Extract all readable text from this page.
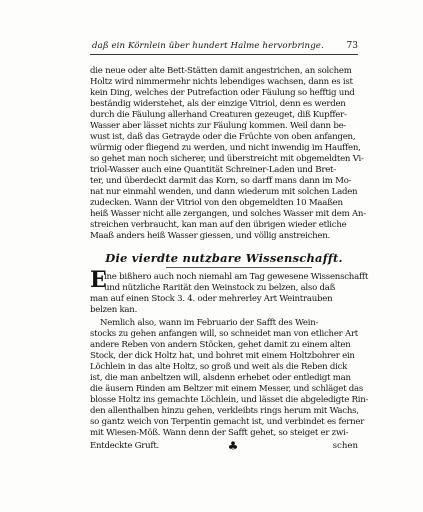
daß ein Körnlein über hundert Halme hervorbringe.	73
die neue oder alte Bett-Stätten damit angestrichen, an solchem
Holtz wird nimmermehr nichts lebendiges wachsen, dann es ist
kein Ding, welches der Putrefaction oder Fäulung so hefftig und
beständig widerstehet, als der einzige Vitriol, denn es werden
durch die Fäulung allerhand Creaturen gezeuget, diß Kupffer-
Wasser aber lässet nichts zur Fäulung kommen. Weil dann be-
wust ist, daß das Getrayde oder die Früchte von oben anfangen,
würmig oder fliegend zu werden, und nicht inwendig im Hauffen,
so gehet man noch sicherer, und überstreicht mit obgemeldten Vi-
triol-Wasser auch eine Quantität Schreiner-Laden und Bret-
ter, und überdeckt darmit das Korn, so darff mans dann im Mo-
nat nur einmahl wenden, und dann wiederum mit solchen Laden
zudecken. Wann der Vitriol von den obgemeldten 10 Maaßen
heiß Wasser nicht alle zergangen, und solches Wasser mit dem An-
streichen verbraucht, kan man auf den übrigen wieder etliche
Maaß anders heiß Wasser giessen, und völlig anstreichen.
Die vierdte nutzbare Wissenschafft.
E
ine bißhero auch noch niemahl am Tag gewesene Wissenschafft
und nützliche Rarität den Weinstock zu belzen, also daß
man auf einen Stock 3. 4. oder mehrerley Art Weintrauben
belzen kan.
Nemlich also, wann im Februario der Safft des Wein-
stocks zu gehen anfangen will, so schneidet man von etlicher Art
andere Reben von andern Stöcken, gehet damit zu einem alten
Stock, der dick Holtz hat, und bohret mit einem Holtzbohrer ein
Löchlein in das alte Holtz, so groß und weit als die Reben dick
ist, die man anbeltzen will, alsdenn erhebet oder entledigt man
die äusern Rinden am Beltzer mit einem Messer, und schläget das
blosse Holtz ins gemachte Löchlein, und lässet die abgeledigte Rin-
den allenthalben hinzu gehen, verkleibts rings herum mit Wachs,
so gantz weich von Terpentin gemacht ist, und verbindet es ferner
mit Wiesen-Möß. Wann denn der Safft gehet, so steiget er zwi-
Entdeckte Gruft.	♣	schen
